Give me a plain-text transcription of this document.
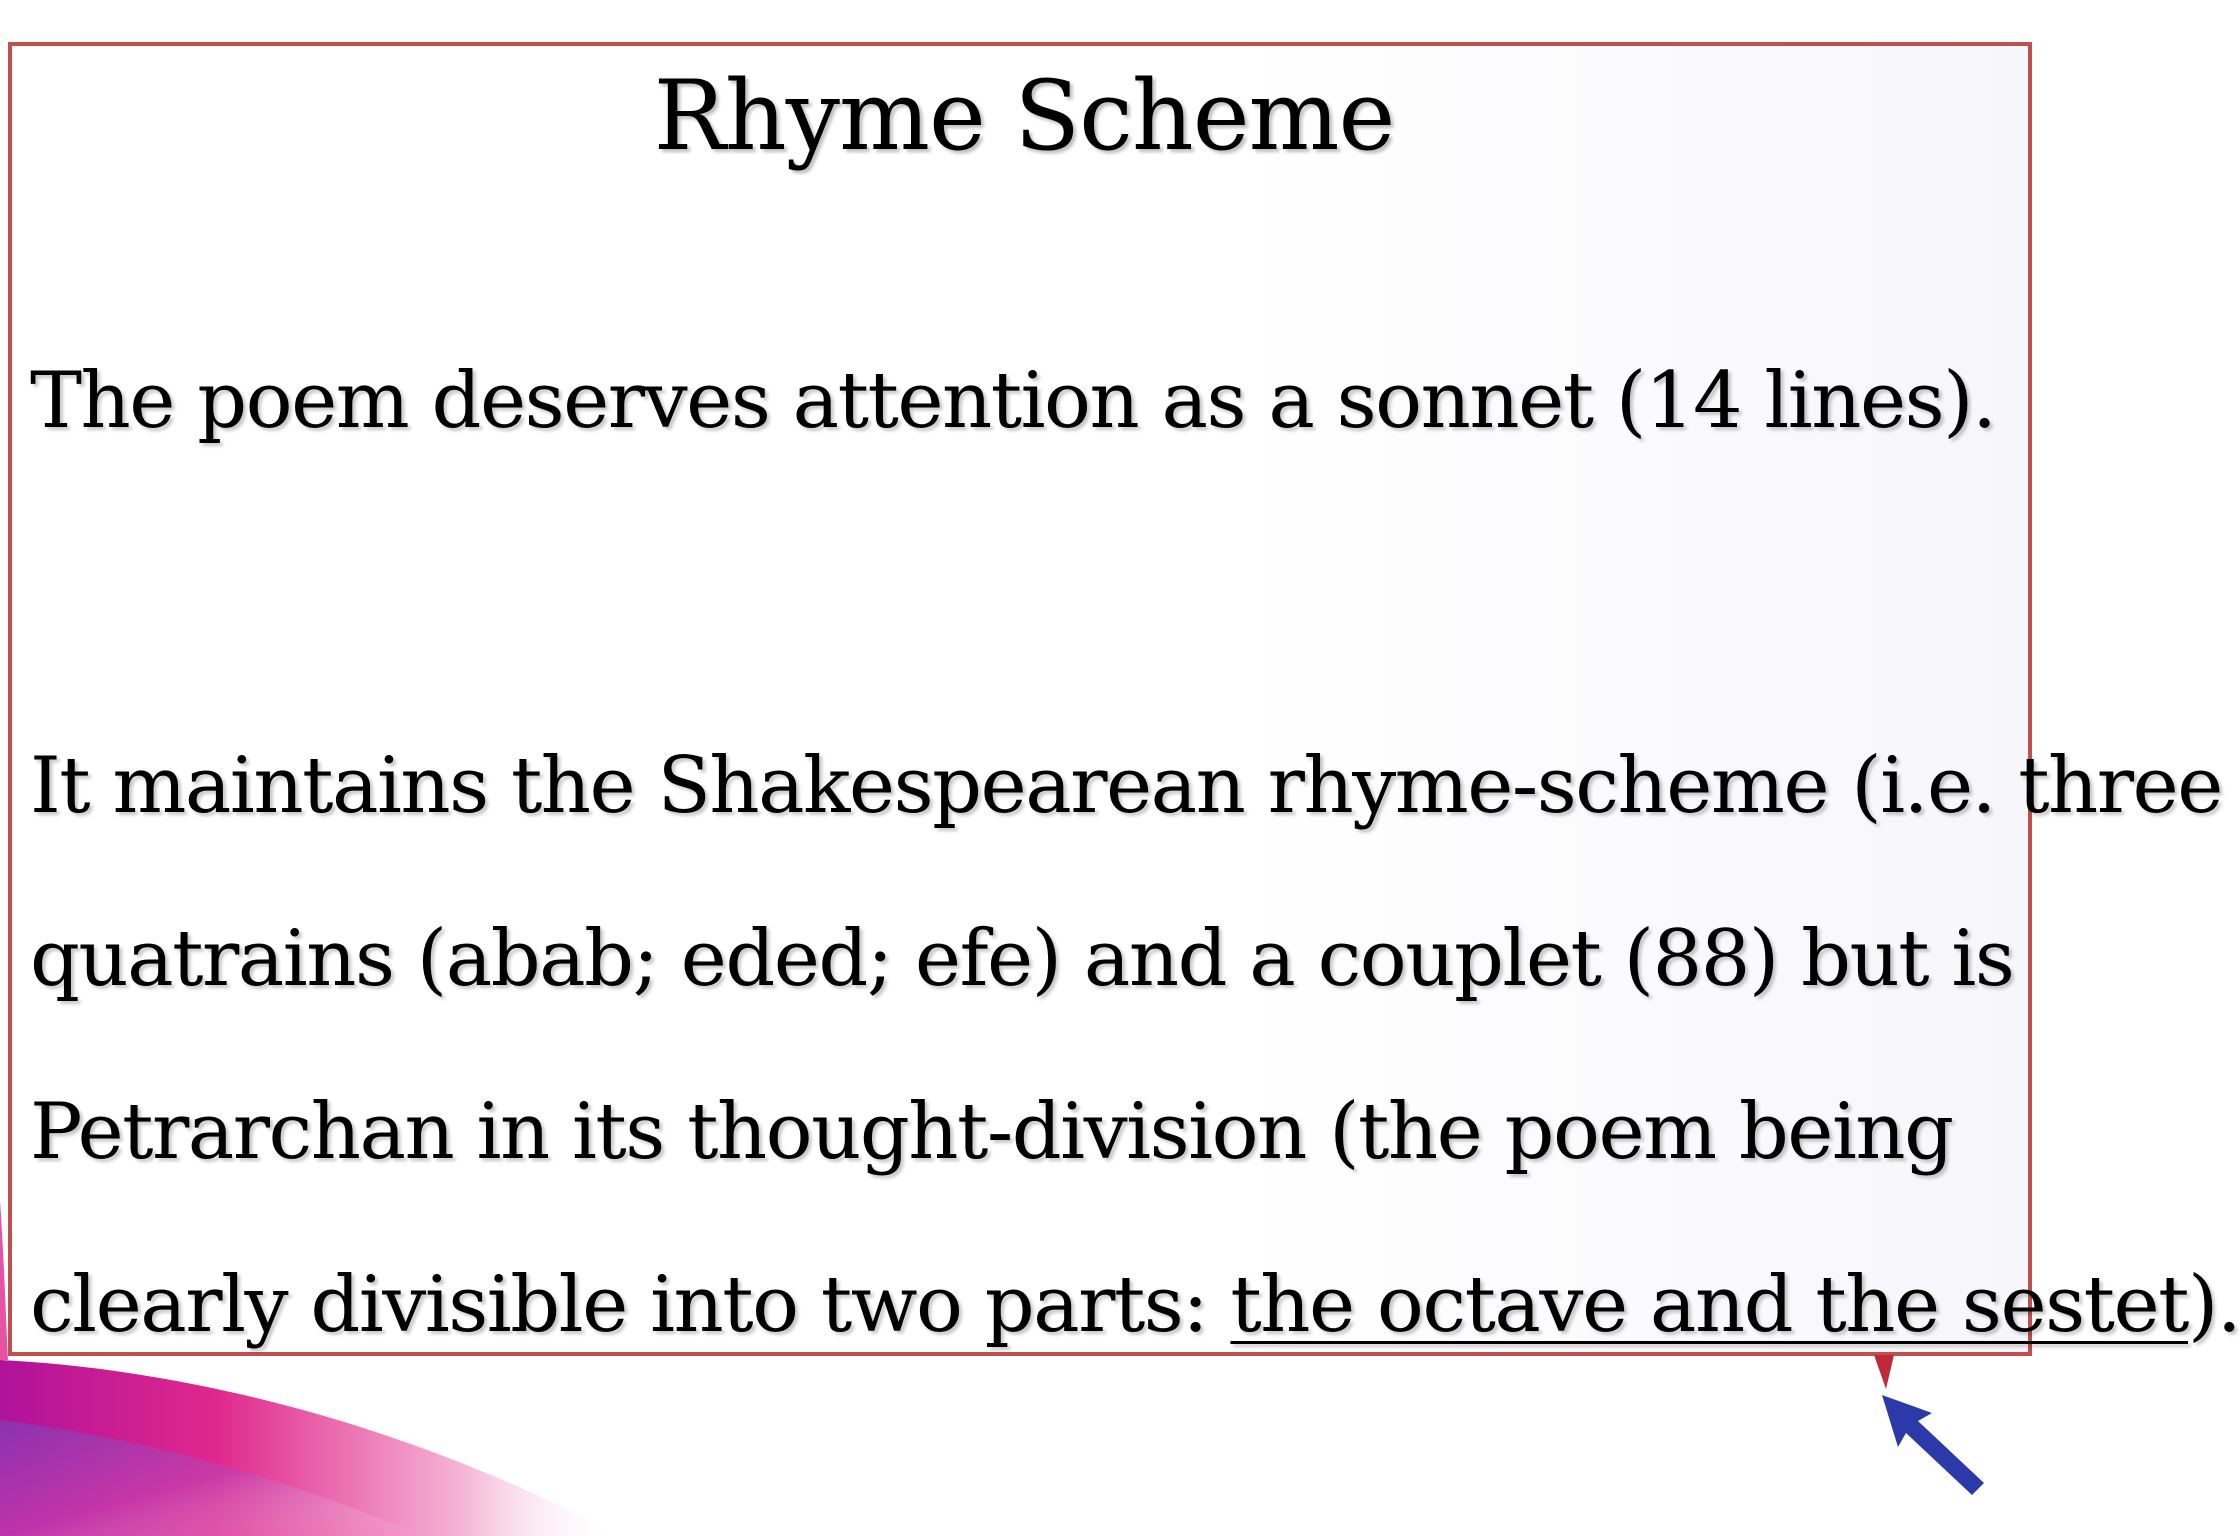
Rhyme Scheme

The poem deserves attention as a sonnet (14 lines).

It maintains the Shakespearean rhyme-scheme (i.e. three
quatrains (abab; eded; efe) and a couplet (88) but is
Petrarchan in its thought-division (the poem being
clearly divisible into two parts: the octave and the sestet).
